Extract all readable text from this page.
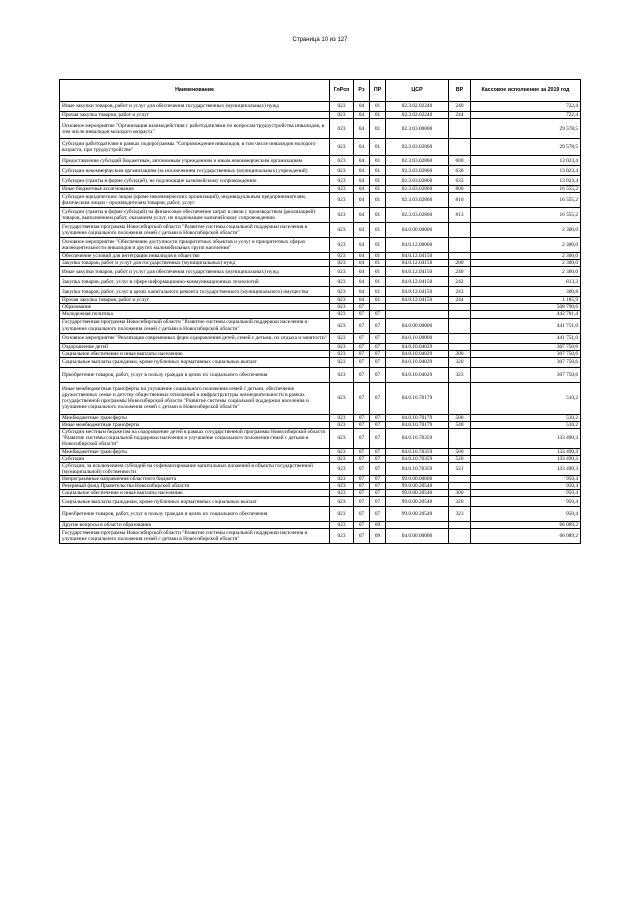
Страница 10 из 127
Наименование	ГлРсп	Рз	ПР	ЦСР	ВР	Кассовое исполнение за 2019 год
Иные закупки товаров, работ и услуг для обеспечения государственных (муниципальных) нужд	023	04	01	02.3.02.02240	240	722,4
Прочая закупка товаров, работ и услуг	023	04	01	02.3.02.02240	244	722,4
Основное мероприятие "Организация взаимодействия с работодателями по вопросам трудоустройства инвалидов, в том числе инвалидов молодого возраста"	023	04	01	02.3.03.00000		29 578,5
Субсидии работодателям в рамках подпрограммы "Сопровождение инвалидов, в том числе инвалидов молодого возраста, при трудоустройстве"	023	04	01	02.3.03.02860		29 578,5
Предоставление субсидий бюджетным, автономным учреждениям и иным некоммерческим организациям	023	04	01	02.3.03.02860	600	13 023,4
Субсидии некоммерческим организациям (за исключением государственных (муниципальных) учреждений)	023	04	01	02.3.03.02860	630	13 023,4
Субсидии (гранты в форме субсидий), не подлежащие казначейскому сопровождению	023	04	01	02.3.03.02860	633	13 023,4
Иные бюджетные ассигнования	023	04	01	02.3.03.02860	800	16 555,2
Субсидии юридическим лицам (кроме некоммерческих организаций), индивидуальным предпринимателям, физическим лицам - производителям товаров, работ, услуг	023	04	01	02.3.03.02860	810	16 555,2
Субсидии (гранты в форме субсидий) на финансовое обеспечение затрат в связи с производством (реализацией) товаров, выполнением работ, оказанием услуг, не подлежащие казначейскому сопровождению	023	04	01	02.3.03.02860	813	16 555,2
Государственная программа Новосибирской области "Развитие системы социальной поддержки населения и улучшение социального положения семей с детьми в Новосибирской области"	023	04	01	04.0.00.00000		2 300,0
Основное мероприятие "Обеспечение доступности приоритетных объектов и услуг в приоритетных сферах жизнедеятельности инвалидов и других маломобильных групп населения"	023	04	01	04.0.12.00000		2 300,0
Обеспечение условий для интеграции инвалидов в общество	023	04	01	04.0.12.04150		2 300,0
Закупка товаров, работ и услуг для государственных (муниципальных) нужд	023	04	01	04.0.12.04150	200	2 300,0
Иные закупки товаров, работ и услуг для обеспечения государственных (муниципальных) нужд	023	04	01	04.0.12.04150	240	2 300,0
Закупка товаров, работ, услуг в сфере информационно-коммуникационных технологий	023	04	01	04.0.12.04150	242	813,3
Закупка товаров, работ, услуг в целях капитального ремонта государственного (муниципального) имущества	023	04	01	04.0.12.04150	243	300,8
Прочая закупка товаров, работ и услуг	023	04	01	04.0.12.04150	244	1 185,9
Образование	023	07				508 790,6
Молодежная политика	023	07	07			442 701,4
Государственная программа Новосибирской области "Развитие системы социальной поддержки населения и улучшение социального положения семей с детьми в Новосибирской области"	023	07	07	04.0.00.00000		441 751,0
Основное мероприятие "Реализация современных форм оздоровления детей, семей с детьми, их отдыха и занятости"	023	07	07	04.0.10.00000		441 751,0
Оздоровление детей	023	07	07	04.0.10.04029		307 750,6
Социальное обеспечение и иные выплаты населению	023	07	07	04.0.10.04029	300	307 750,6
Социальные выплаты гражданам, кроме публичных нормативных социальных выплат	023	07	07	04.0.10.04029	320	307 750,6
Приобретение товаров, работ, услуг в пользу граждан в целях их социального обеспечения	023	07	07	04.0.10.04029	323	307 750,6
Иные межбюджетные трансферты на улучшение социального положения семей с детьми, обеспечение дружественных семье и детству общественных отношений и инфраструктуры жизнедеятельности в рамках государственной программы Новосибирской области "Развитие системы социальной поддержки населения и улучшение социального положения семей с детьми в Новосибирской области"	023	07	07	04.0.10.70179		510,2
Межбюджетные трансферты	023	07	07	04.0.10.70179	500	510,2
Иные межбюджетные трансферты	023	07	07	04.0.10.70179	540	510,2
Субсидии местным бюджетам на оздоровление детей в рамках государственной программы Новосибирской области "Развитие системы социальной поддержки населения и улучшение социального положения семей с детьми в Новосибирской области"	023	07	07	04.0.10.70359		133 490,3
Межбюджетные трансферты	023	07	07	04.0.10.70359	500	133 490,3
Субсидии	023	07	07	04.0.10.70359	520	133 490,3
Субсидии, за исключением субсидий на софинансирование капитальных вложений в объекты государственной (муниципальной) собственности	023	07	07	04.0.10.70359	521	133 490,3
Непрограммные направления областного бюджета	023	07	07	99.0.00.00000		950,4
Резервный фонд Правительства Новосибирской области	023	07	07	99.0.00.20540		950,4
Социальное обеспечение и иные выплаты населению	023	07	07	99.0.00.20540	300	950,4
Социальные выплаты гражданам, кроме публичных нормативных социальных выплат	023	07	07	99.0.00.20540	320	950,4
Приобретение товаров, работ, услуг в пользу граждан в целях их социального обеспечения	023	07	07	99.0.00.20540	323	950,4
Другие вопросы в области образования	023	07	09			66 089,2
Государственная программа Новосибирской области "Развитие системы социальной поддержки населения и улучшение социального положения семей с детьми в Новосибирской области"	023	07	09	04.0.00.00000		66 089,2
